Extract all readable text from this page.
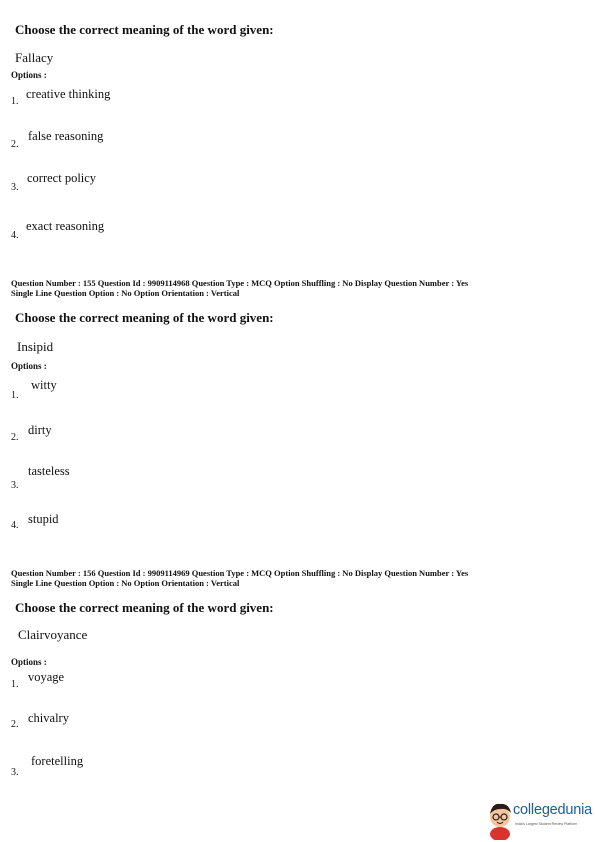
Choose the correct meaning of the word given:
Fallacy
Options :
1.
creative thinking
2.
false reasoning
3.
correct policy
4.
exact reasoning
Question Number : 155 Question Id : 9909114968 Question Type : MCQ Option Shuffling : No Display Question Number : Yes
Single Line Question Option : No Option Orientation : Vertical
Choose the correct meaning of the word given:
Insipid
Options :
1.
witty
2.
dirty
3.
tasteless
4. stupid
Question Number : 156 Question Id : 9909114969 Question Type : MCQ Option Shuffling : No Display Question Number : Yes
Single Line Question Option : No Option Orientation : Vertical
Choose the correct meaning of the word given:
Clairvoyance
Options :
1.
voyage
2. chivalry
3.
foretelling
collegedunia
India's Largest Student Review Platform
